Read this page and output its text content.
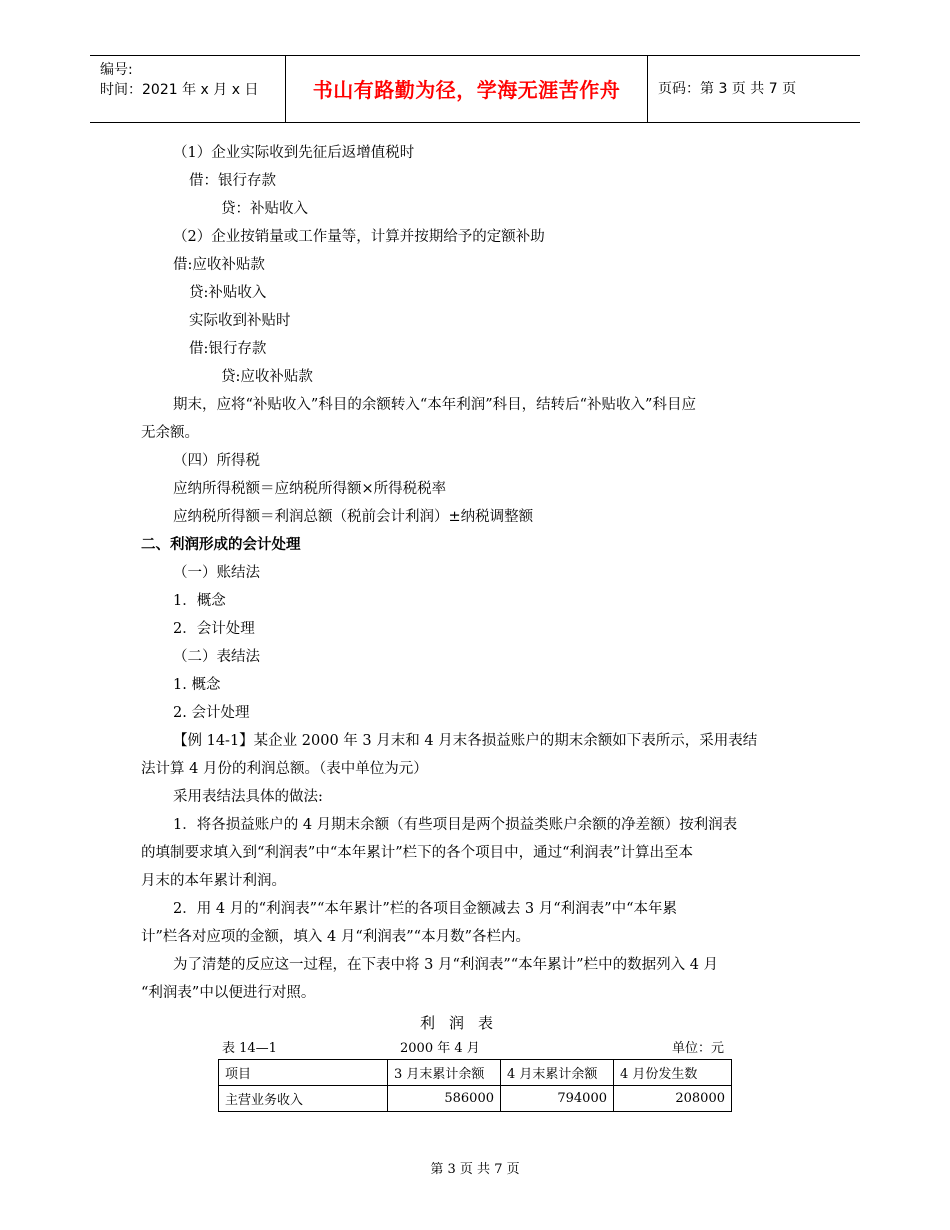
编号:
时间：2021 年 x 月 x 日	书山有路勤为径，学海无涯苦作舟	页码：第 3 页 共 7 页
（1）企业实际收到先征后返增值税时
借：银行存款
贷：补贴收入
（2）企业按销量或工作量等，计算并按期给予的定额补助
借:应收补贴款
贷:补贴收入
实际收到补贴时
借:银行存款
贷:应收补贴款
期末，应将“补贴收入”科目的余额转入“本年利润”科目，结转后“补贴收入”科目应
无余额。
（四）所得税
应纳所得税额＝应纳税所得额×所得税税率
应纳税所得额＝利润总额（税前会计利润）±纳税调整额
二、利润形成的会计处理
（一）账结法
1．概念
2．会计处理
（二）表结法
1. 概念
2. 会计处理
【例 14-1】某企业 2000 年 3 月末和 4 月末各损益账户的期末余额如下表所示，采用表结
法计算 4 月份的利润总额。（表中单位为元）
采用表结法具体的做法:
1．将各损益账户的 4 月期末余额（有些项目是两个损益类账户余额的净差额）按利润表
的填制要求填入到“利润表”中“本年累计”栏下的各个项目中，通过“利润表”计算出至本
月末的本年累计利润。
2．用 4 月的“利润表”“本年累计”栏的各项目金额减去 3 月“利润表”中“本年累
计”栏各对应项的金额，填入 4 月“利润表”“本月数”各栏内。
为了清楚的反应这一过程，在下表中将 3 月“利润表”“本年累计”栏中的数据列入 4 月
“利润表”中以便进行对照。
利润表
表 14—1	2000 年 4 月	单位：元
项目	3 月末累计余额	4 月末累计余额	4 月份发生数
主营业务收入	586000	794000	208000
第 3 页 共 7 页
